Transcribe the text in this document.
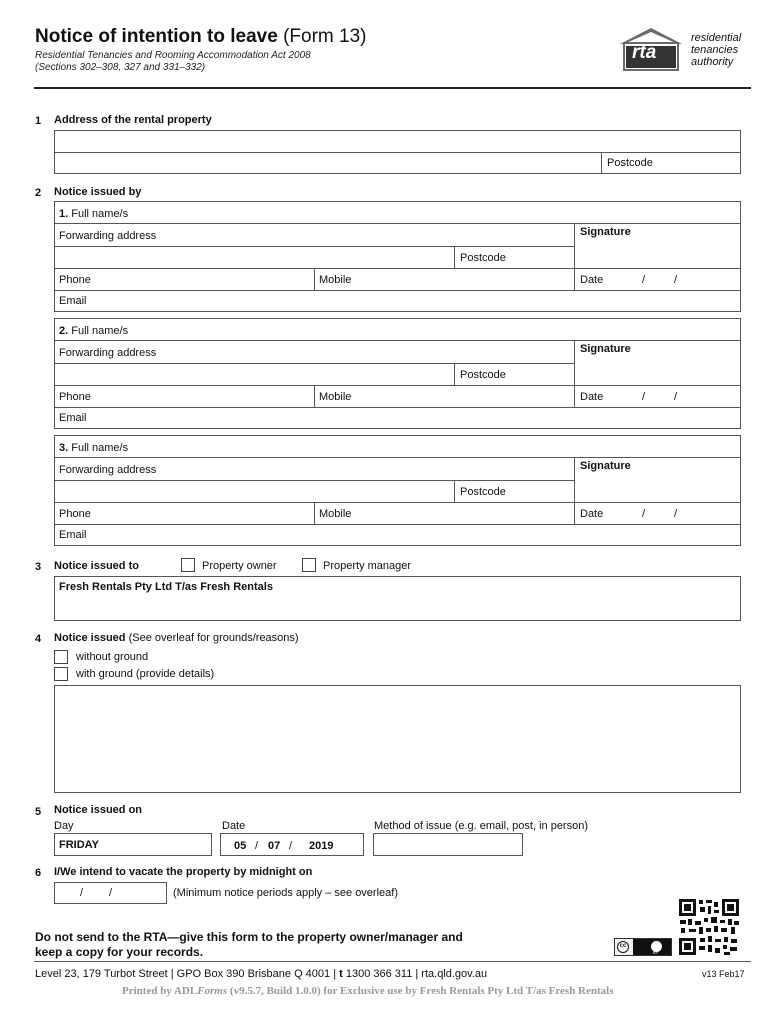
Notice of intention to leave (Form 13)
Residential Tenancies and Rooming Accommodation Act 2008
(Sections 302–308, 327 and 331–332)
rta
residential
tenancies
authority
1 Address of the rental property
Postcode
2 Notice issued by
1. Full name/s
Forwarding address	Signature
Postcode
Phone	Mobile	Date	/	/
Email
2. Full name/s
Forwarding address	Signature
Postcode
Phone	Mobile	Date	/	/
Email
3. Full name/s
Forwarding address	Signature
Postcode
Phone	Mobile	Date	/	/
Email
3 Notice issued to	Property owner	Property manager
Fresh Rentals Pty Ltd T/as Fresh Rentals
4 Notice issued (See overleaf for grounds/reasons)
without ground
with ground (provide details)
5 Notice issued on
Day	Date	Method of issue (e.g. email, post, in person)
FRIDAY	05 / 07 / 2019
6 I/We intend to vacate the property by midnight on
/ /	(Minimum notice periods apply – see overleaf)
Do not send to the RTA—give this form to the property owner/manager and
keep a copy for your records.	cc
BY
Level 23, 179 Turbot Street | GPO Box 390 Brisbane Q 4001 | t 1300 366 311 | rta.qld.gov.au	v13 Feb17
Printed by ADLForms (v9.5.7, Build 1.0.0) for Exclusive use by Fresh Rentals Pty Ltd T/as Fresh Rentals
